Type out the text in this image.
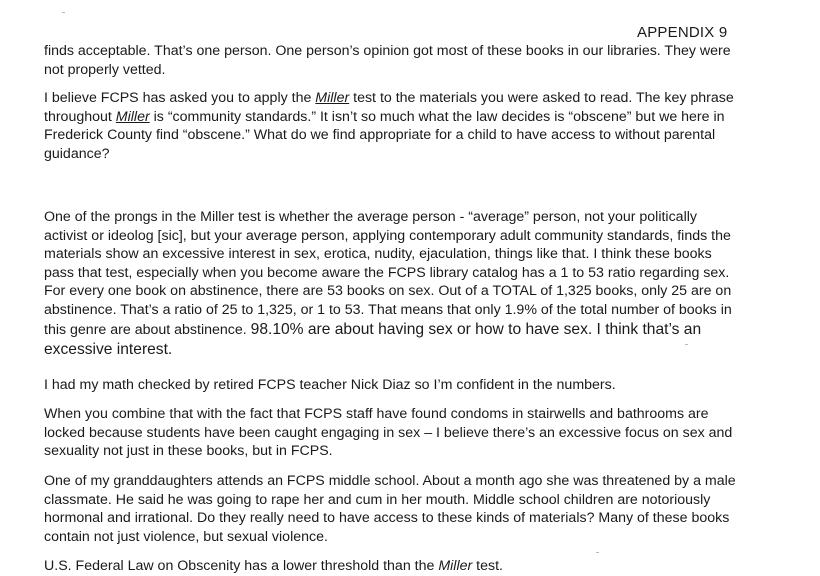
APPENDIX 9

finds acceptable. That’s one person. One person’s opinion got most of these books in our libraries. They were
not properly vetted.

I believe FCPS has asked you to apply the Miller test to the materials you were asked to read. The key phrase
throughout Miller is “community standards.” It isn’t so much what the law decides is “obscene” but we here in
Frederick County find “obscene.” What do we find appropriate for a child to have access to without parental
guidance?

One of the prongs in the Miller test is whether the average person - “average” person, not your politically
activist or ideolog [sic], but your average person, applying contemporary adult community standards, finds the
materials show an excessive interest in sex, erotica, nudity, ejaculation, things like that. I think these books
pass that test, especially when you become aware the FCPS library catalog has a 1 to 53 ratio regarding sex.
For every one book on abstinence, there are 53 books on sex. Out of a TOTAL of 1,325 books, only 25 are on
abstinence. That’s a ratio of 25 to 1,325, or 1 to 53. That means that only 1.9% of the total number of books in
this genre are about abstinence. 98.10% are about having sex or how to have sex. I think that’s an
excessive interest.

I had my math checked by retired FCPS teacher Nick Diaz so I’m confident in the numbers.

When you combine that with the fact that FCPS staff have found condoms in stairwells and bathrooms are
locked because students have been caught engaging in sex – I believe there’s an excessive focus on sex and
sexuality not just in these books, but in FCPS.

One of my granddaughters attends an FCPS middle school. About a month ago she was threatened by a male
classmate. He said he was going to rape her and cum in her mouth. Middle school children are notoriously
hormonal and irrational. Do they really need to have access to these kinds of materials? Many of these books
contain not just violence, but sexual violence.

U.S. Federal Law on Obscenity has a lower threshold than the Miller test.
